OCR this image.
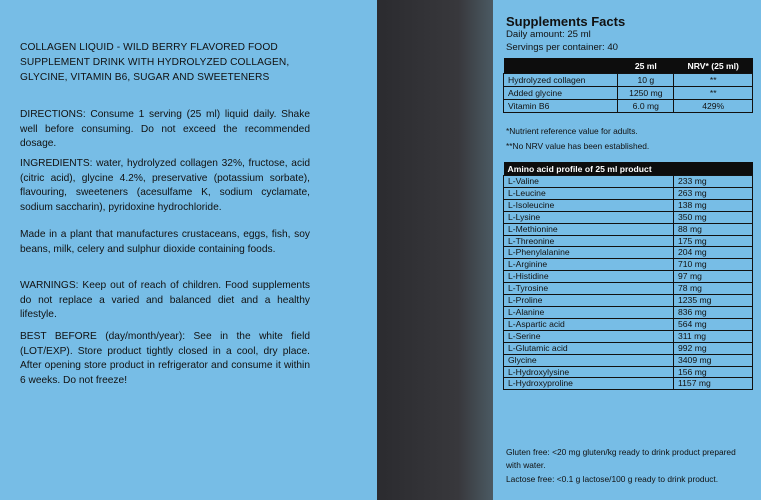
COLLAGEN LIQUID - WILD BERRY FLAVORED FOOD SUPPLEMENT DRINK WITH HYDROLYZED COLLAGEN, GLYCINE, VITAMIN B6, SUGAR AND SWEETENERS

DIRECTIONS: Consume 1 serving (25 ml) liquid daily. Shake well before consuming. Do not exceed the recommended dosage.

INGREDIENTS: water, hydrolyzed collagen 32%, fructose, acid (citric acid), glycine 4.2%, preservative (potassium sorbate), flavouring, sweeteners (acesulfame K, sodium cyclamate, sodium saccharin), pyridoxine hydrochloride.

Made in a plant that manufactures crustaceans, eggs, fish, soy beans, milk, celery and sulphur dioxide containing foods.

WARNINGS: Keep out of reach of children. Food supplements do not replace a varied and balanced diet and a healthy lifestyle.

BEST BEFORE (day/month/year): See in the white field (LOT/EXP). Store product tightly closed in a cool, dry place. After opening store product in refrigerator and consume it within 6 weeks. Do not freeze!

Supplements Facts

Daily amount: 25 ml

Servings per container: 40

	25 ml	NRV* (25 ml)
Hydrolyzed collagen	10 g	**
Added glycine	1250 mg	**
Vitamin B6	6.0 mg	429%

*Nutrient reference value for adults.

**No NRV value has been established.

Amino acid profile of 25 ml product	
L-Valine	233 mg
L-Leucine	263 mg
L-Isoleucine	138 mg
L-Lysine	350 mg
L-Methionine	88 mg
L-Threonine	175 mg
L-Phenylalanine	204 mg
L-Arginine	710 mg
L-Histidine	97 mg
L-Tyrosine	78 mg
L-Proline	1235 mg
L-Alanine	836 mg
L-Aspartic acid	564 mg
L-Serine	311 mg
L-Glutamic acid	992 mg
Glycine	3409 mg
L-Hydroxylysine	156 mg
L-Hydroxyproline	1157 mg

Gluten free: <20 mg gluten/kg ready to drink product prepared with water.

Lactose free: <0.1 g lactose/100 g ready to drink product.
